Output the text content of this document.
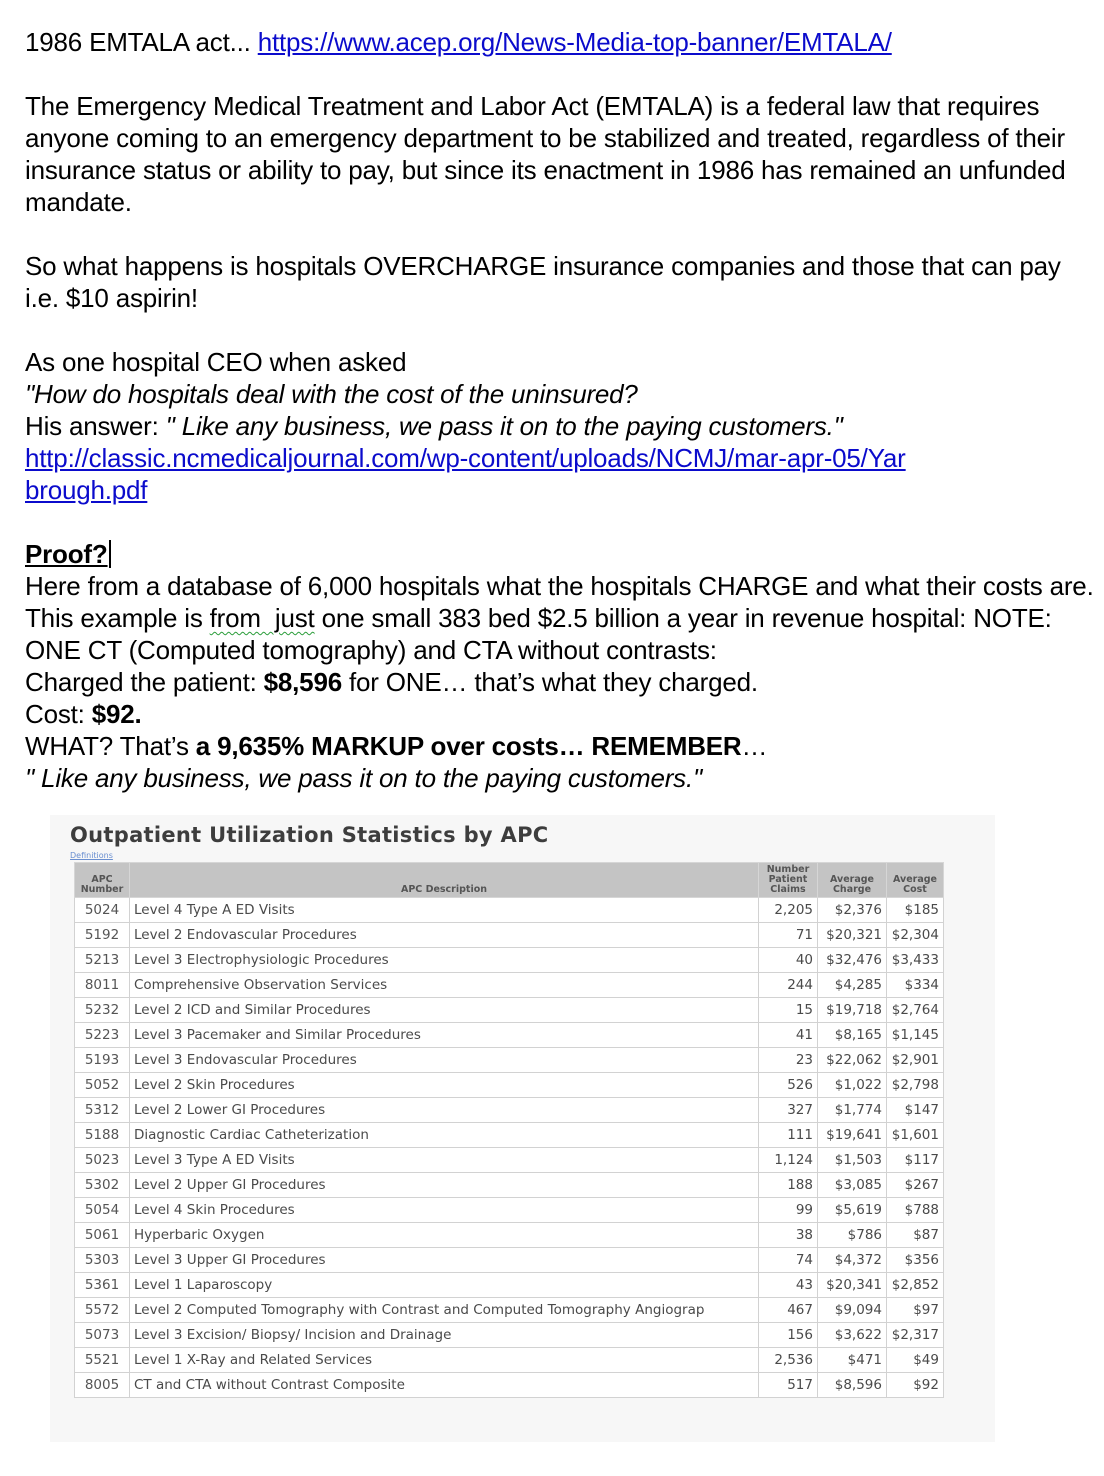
1986 EMTALA act... https://www.acep.org/News-Media-top-banner/EMTALA/

The Emergency Medical Treatment and Labor Act (EMTALA) is a federal law that requires anyone coming to an emergency department to be stabilized and treated, regardless of their insurance status or ability to pay, but since its enactment in 1986 has remained an unfunded mandate.

So what happens is hospitals OVERCHARGE insurance companies and those that can pay i.e. $10 aspirin!

As one hospital CEO when asked

"How do hospitals deal with the cost of the uninsured?

His answer: " Like any business, we pass it on to the paying customers."

http://classic.ncmedicaljournal.com/wp-content/uploads/NCMJ/mar-apr-05/Yarbrough.pdf

Proof?

Here from a database of 6,000 hospitals what the hospitals CHARGE and what their costs are. This example is from  just one small 383 bed $2.5 billion a year in revenue hospital: NOTE: ONE CT (Computed tomography) and CTA without contrasts:

Charged the patient: $8,596 for ONE… that’s what they charged.

Cost: $92.

WHAT? That’s a 9,635% MARKUP over costs… REMEMBER…

" Like any business, we pass it on to the paying customers."

Outpatient Utilization Statistics by APC
Definitions
APC Number	APC Description	Number Patient Claims	Average Charge	Average Cost
5024	Level 4 Type A ED Visits	2,205	$2,376	$185
5192	Level 2 Endovascular Procedures	71	$20,321	$2,304
5213	Level 3 Electrophysiologic Procedures	40	$32,476	$3,433
8011	Comprehensive Observation Services	244	$4,285	$334
5232	Level 2 ICD and Similar Procedures	15	$19,718	$2,764
5223	Level 3 Pacemaker and Similar Procedures	41	$8,165	$1,145
5193	Level 3 Endovascular Procedures	23	$22,062	$2,901
5052	Level 2 Skin Procedures	526	$1,022	$2,798
5312	Level 2 Lower GI Procedures	327	$1,774	$147
5188	Diagnostic Cardiac Catheterization	111	$19,641	$1,601
5023	Level 3 Type A ED Visits	1,124	$1,503	$117
5302	Level 2 Upper GI Procedures	188	$3,085	$267
5054	Level 4 Skin Procedures	99	$5,619	$788
5061	Hyperbaric Oxygen	38	$786	$87
5303	Level 3 Upper GI Procedures	74	$4,372	$356
5361	Level 1 Laparoscopy	43	$20,341	$2,852
5572	Level 2 Computed Tomography with Contrast and Computed Tomography Angiograp	467	$9,094	$97
5073	Level 3 Excision/ Biopsy/ Incision and Drainage	156	$3,622	$2,317
5521	Level 1 X-Ray and Related Services	2,536	$471	$49
8005	CT and CTA without Contrast Composite	517	$8,596	$92
